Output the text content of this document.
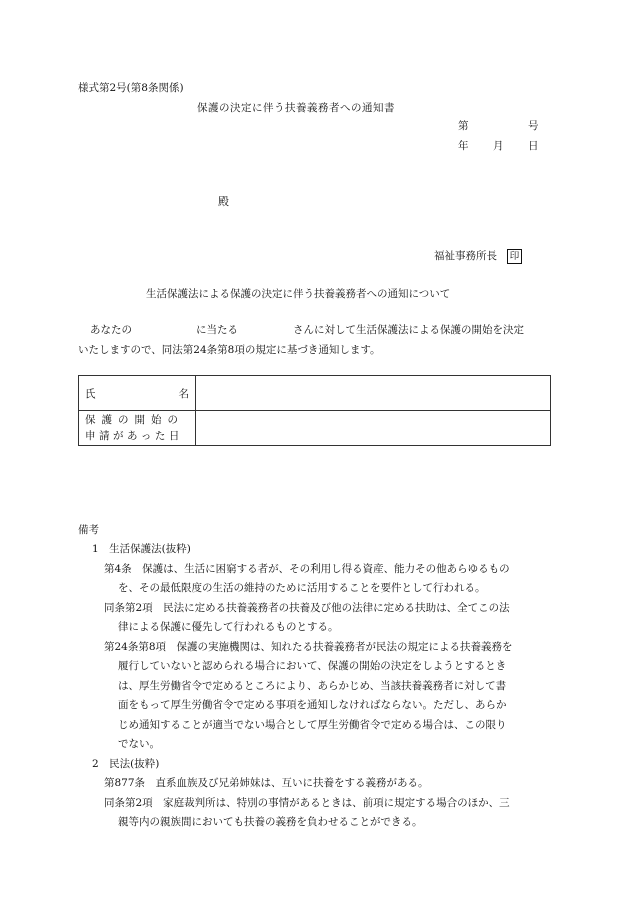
様式第2号(第8条関係)
保護の決定に伴う扶養義務者への通知書
第	号
年 月 日
殿
福祉事務所長 印
生活保護法による保護の決定に伴う扶養義務者への通知について
あなたの	に当たる	さんに対して生活保護法による保護の開始を決定
いたしますので、同法第24条第8項の規定に基づき通知します。
氏 名	

保護の開始の
申請があった日	

備考
1　生活保護法(抜粋)
第4条　保護は、生活に困窮する者が、その利用し得る資産、能力その他あらゆるもの
を、その最低限度の生活の維持のために活用することを要件として行われる。
同条第2項　民法に定める扶養義務者の扶養及び他の法律に定める扶助は、全てこの法
律による保護に優先して行われるものとする。
第24条第8項　保護の実施機関は、知れたる扶養義務者が民法の規定による扶養義務を
履行していないと認められる場合において、保護の開始の決定をしようとするとき
は、厚生労働省令で定めるところにより、あらかじめ、当該扶養義務者に対して書
面をもって厚生労働省令で定める事項を通知しなければならない。ただし、あらか
じめ通知することが適当でない場合として厚生労働省令で定める場合は、この限り
でない。
2　民法(抜粋)
第877条　直系血族及び兄弟姉妹は、互いに扶養をする義務がある。
同条第2項　家庭裁判所は、特別の事情があるときは、前項に規定する場合のほか、三
親等内の親族間においても扶養の義務を負わせることができる。
